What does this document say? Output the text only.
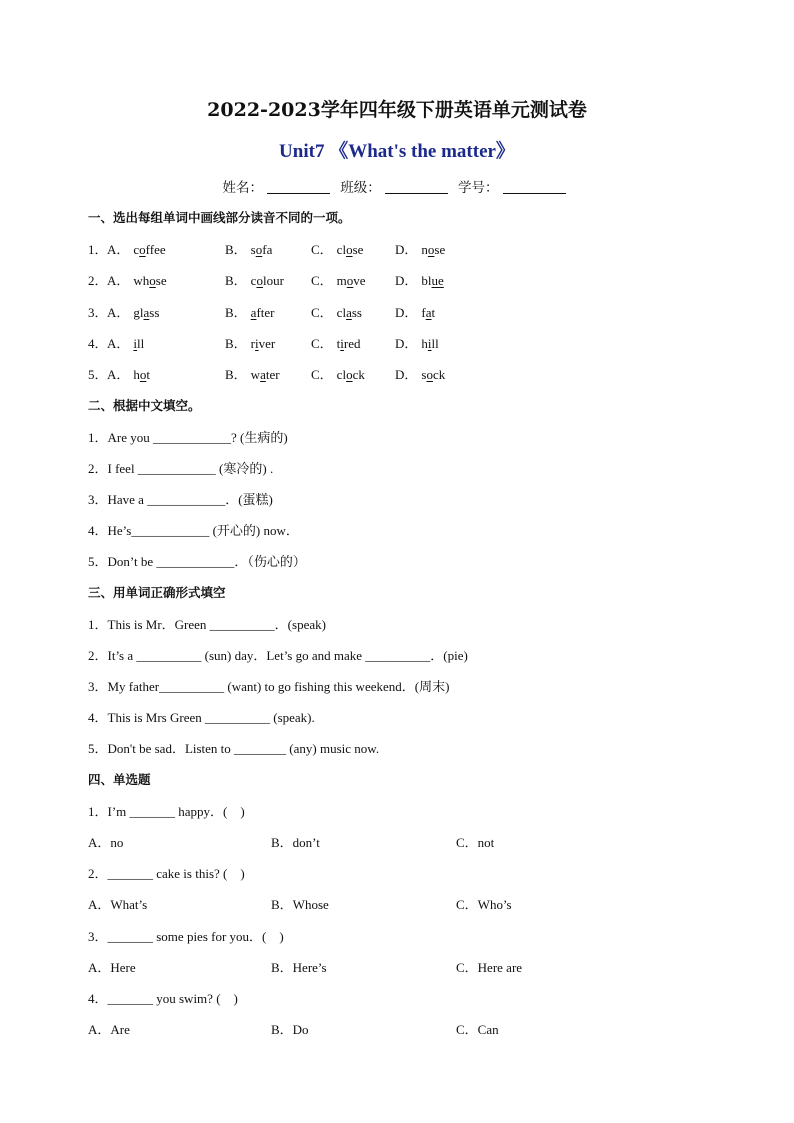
2022-2023学年四年级下册英语单元测试卷
Unit7 《What's the matter》
姓名：	班级：	学号：
一、选出每组单词中画线部分读音不同的一项。
1． A． coffee	B． sofa	C． close D． nose
2． A． whose	B． colour C． move D． blue
3． A． glass	B． after	C． class	D． fat
4． A． ill	B． river	C． tired	D． hill
5． A． hot	B． water C． clock D． sock
二、根据中文填空。
1．Are you ____________? (生病的)
2．I feel ____________ (寒冷的) .
3．Have a ____________．(蛋糕)
4．He’s____________ (开心的) now．
5．Don’t be ____________．（伤心的）
三、用单词正确形式填空
1．This is Mr．Green __________．(speak)
2．It’s a __________ (sun) day．Let’s go and make __________．(pie)
3．My father__________ (want) to go fishing this weekend．(周末)
4．This is Mrs Green __________ (speak).
5．Don't be sad．Listen to ________ (any) music now.
四、单选题
1．I’m _______ happy．(　)
A．no	B．don’t	C．not
2．_______ cake is this? (　)
A．What’s	B．Whose	C．Who’s
3．_______ some pies for you．(　)
A．Here	B．Here’s	C．Here are
4．_______ you swim? (　)
A．Are	B．Do	C．Can
